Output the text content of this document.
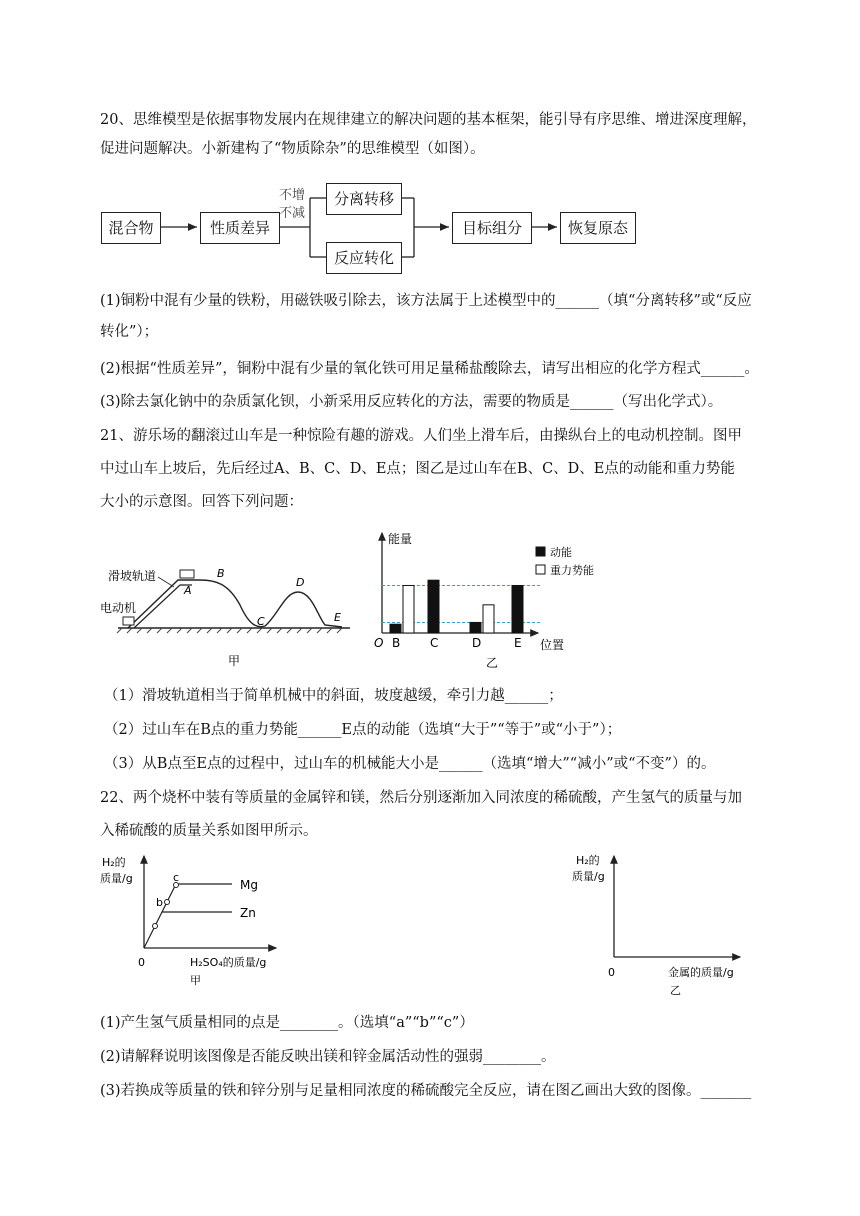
20、思维模型是依据事物发展内在规律建立的解决问题的基本框架，能引导有序思维、增进深度理解，促进问题解决。小新建构了“物质除杂”的思维模型（如图）。

混合物	性质差异
不增
不减
分离转移
反应转化
目标组分	恢复原态

(1)铜粉中混有少量的铁粉，用磁铁吸引除去，该方法属于上述模型中的______（填“分离转移”或“反应

转化”）；

(2)根据“性质差异”，铜粉中混有少量的氧化铁可用足量稀盐酸除去，请写出相应的化学方程式______。

(3)除去氯化钠中的杂质氯化钡，小新采用反应转化的方法，需要的物质是______（写出化学式）。

21、游乐场的翻滚过山车是一种惊险有趣的游戏。人们坐上滑车后，由操纵台上的电动机控制。图甲

中过山车上坡后，先后经过A、B、C、D、E点；图乙是过山车在B、C、D、E点的动能和重力势能

大小的示意图。回答下列问题：

滑坡轨道
电动机
A
B
C
D
E
甲
能量
位置
O B C	D	E
动能
重力势能
乙

（1）滑坡轨道相当于简单机械中的斜面，坡度越缓，牵引力越______；

（2）过山车在B点的重力势能______E点的动能（选填“大于”“等于”或“小于”）；

（3）从B点至E点的过程中，过山车的机械能大小是______（选填“增大”“减小”或“不变”）的。

22、两个烧杯中装有等质量的金属锌和镁，然后分别逐渐加入同浓度的稀硫酸，产生氢气的质量与加

入稀硫酸的质量关系如图甲所示。

H₂的
质量/g
b
c
Mg
Zn
0	H₂SO₄的质量/g
甲
H₂的
质量/g
0	金属的质量/g
乙

(1)产生氢气质量相同的点是________。（选填“a”“b”“c”）

(2)请解释说明该图像是否能反映出镁和锌金属活动性的强弱________。

(3)若换成等质量的铁和锌分别与足量相同浓度的稀硫酸完全反应，请在图乙画出大致的图像。_______
